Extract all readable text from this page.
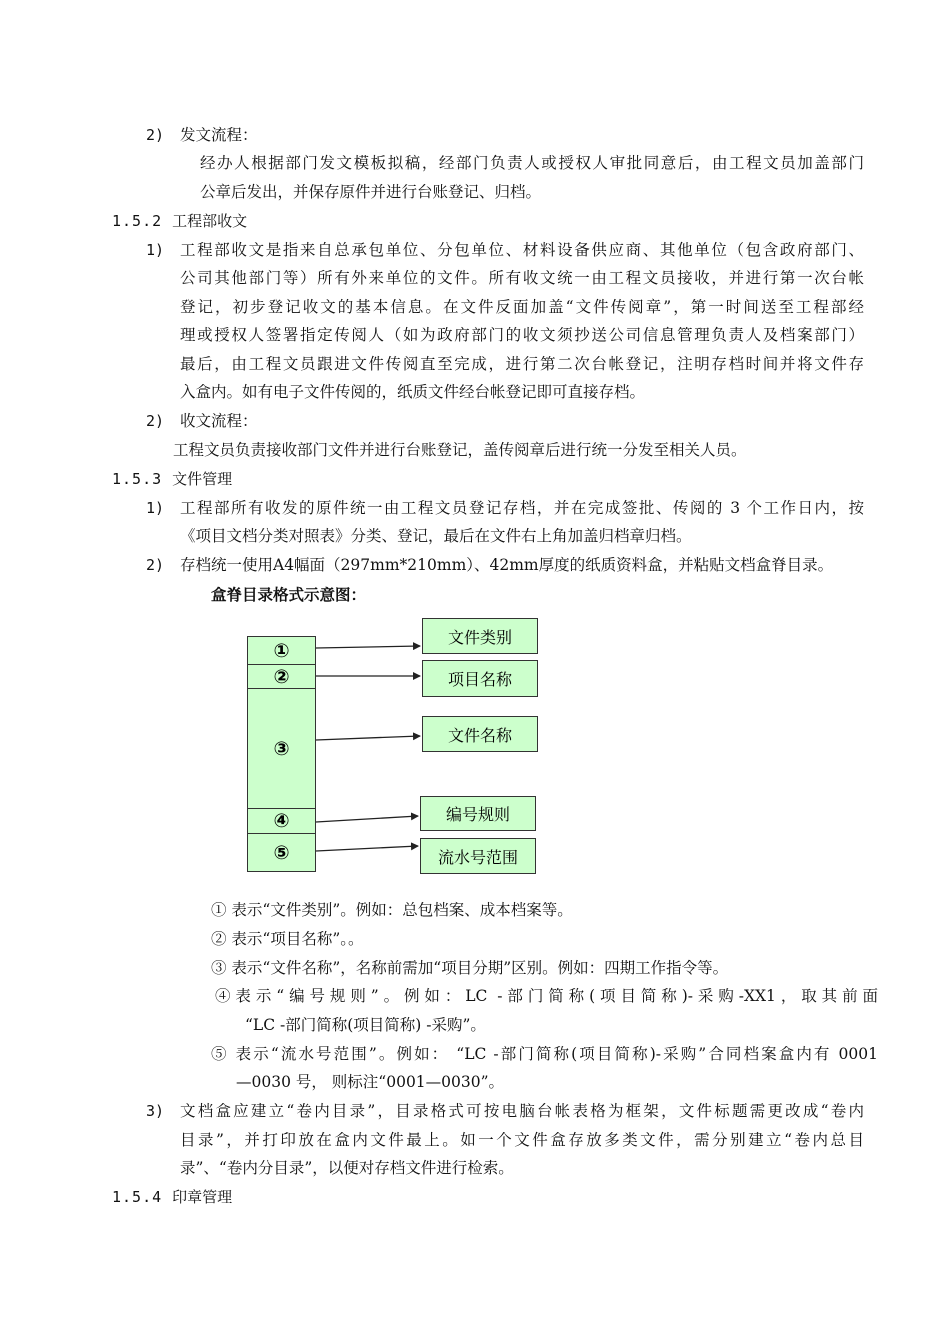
2) 发文流程：
经办人根据部门发文模板拟稿，经部门负责人或授权人审批同意后，由工程文员加盖部门
公章后发出，并保存原件并进行台账登记、归档。
1.5.2 工程部收文
1) 工程部收文是指来自总承包单位、分包单位、材料设备供应商、其他单位（包含政府部门、
公司其他部门等）所有外来单位的文件。所有收文统一由工程文员接收，并进行第一次台帐
登记，初步登记收文的基本信息。在文件反面加盖“文件传阅章”，第一时间送至工程部经
理或授权人签署指定传阅人（如为政府部门的收文须抄送公司信息管理负责人及档案部门）
最后，由工程文员跟进文件传阅直至完成，进行第二次台帐登记，注明存档时间并将文件存
入盒内。如有电子文件传阅的，纸质文件经台帐登记即可直接存档。
2) 收文流程：
工程文员负责接收部门文件并进行台账登记，盖传阅章后进行统一分发至相关人员。
1.5.3 文件管理
1) 工程部所有收发的原件统一由工程文员登记存档，并在完成签批、传阅的 3 个工作日内，按
《项目文档分类对照表》分类、登记，最后在文件右上角加盖归档章归档。
2) 存档统一使用A4幅面（297mm*210mm）、42mm厚度的纸质资料盒，并粘贴文档盒脊目录。
盒脊目录格式示意图：
①
②
③
④
⑤
文件类别
项目名称
文件名称
编号规则
流水号范围
① 表示“文件类别”。例如：总包档案、成本档案等。
② 表示“项目名称”。。
③ 表示“文件名称”，名称前需加“项目分期”区别。例如：四期工作指令等。
④表示“编号规则”。例如：LC -部门简称(项目简称)-采购-XX1，取其前面
“LC -部门简称(项目简称) -采购”。
⑤ 表示“流水号范围”。例如： “LC -部门简称(项目简称)-采购”合同档案盒内有 0001
—0030 号， 则标注“0001—0030”。
3) 文档盒应建立“卷内目录”，目录格式可按电脑台帐表格为框架，文件标题需更改成“卷内
目录”，并打印放在盒内文件最上。如一个文件盒存放多类文件，需分别建立“卷内总目
录”、“卷内分目录”，以便对存档文件进行检索。
1.5.4 印章管理
